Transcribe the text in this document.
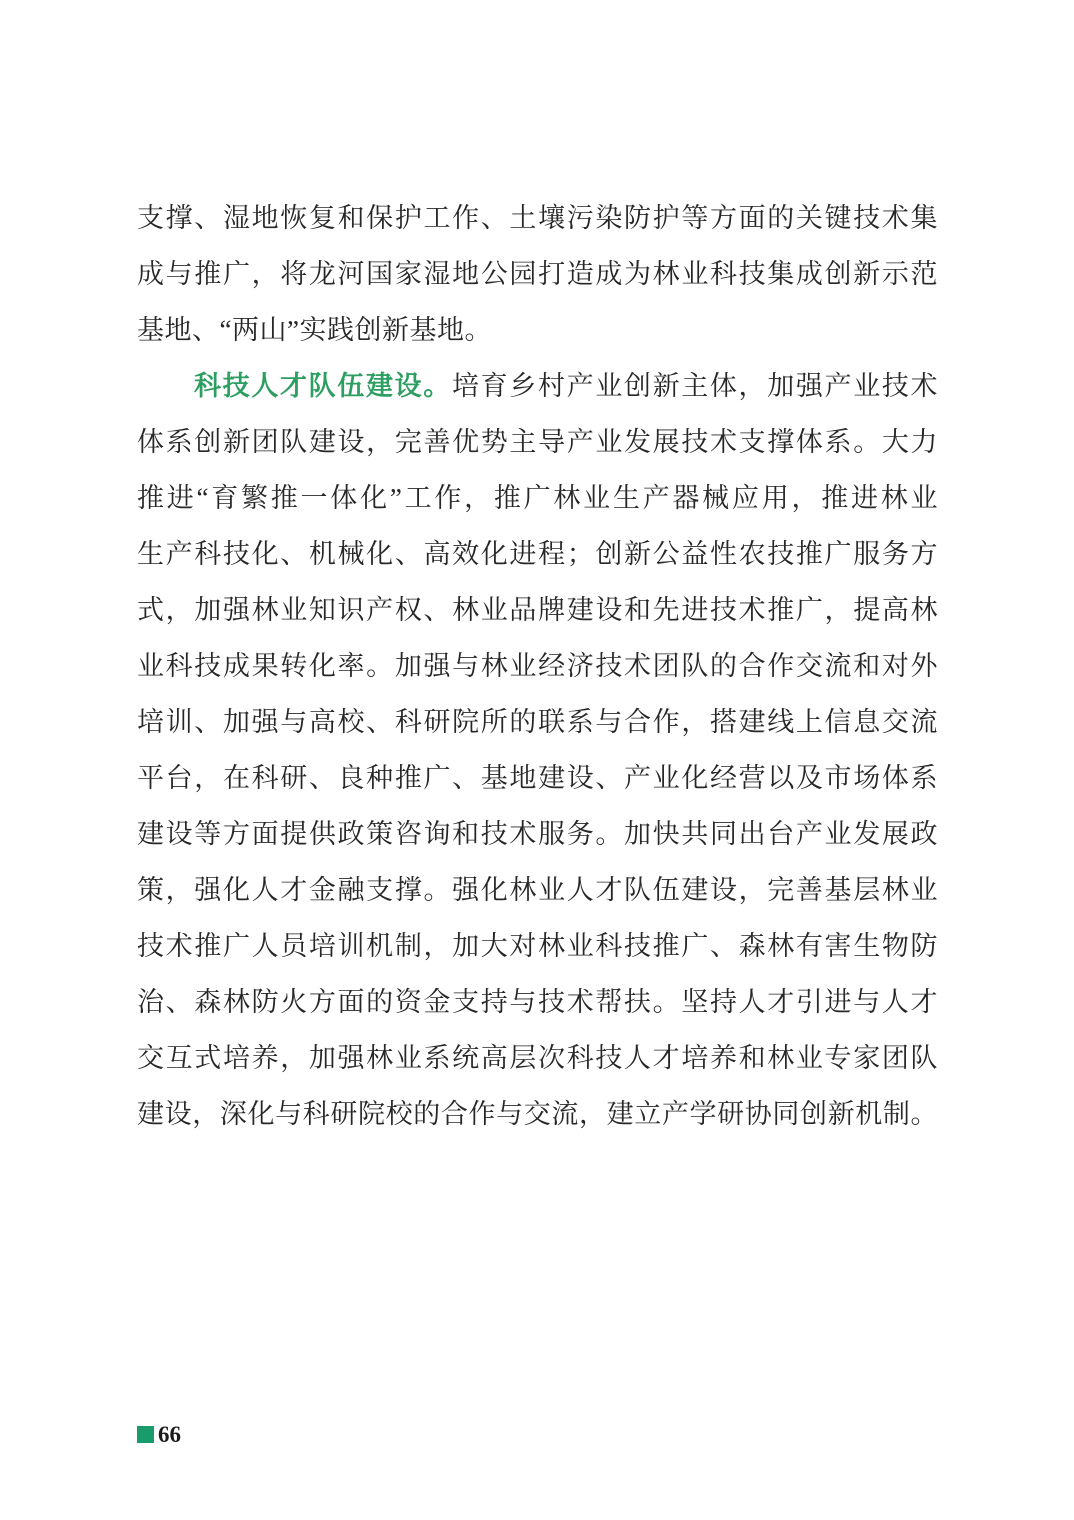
支撑、湿地恢复和保护工作、土壤污染防护等方面的关键技术集
成与推广，将龙河国家湿地公园打造成为林业科技集成创新示范
基地、“两山”实践创新基地。
科技人才队伍建设。培育乡村产业创新主体，加强产业技术
体系创新团队建设，完善优势主导产业发展技术支撑体系。大力
推进“育繁推一体化”工作，推广林业生产器械应用，推进林业
生产科技化、机械化、高效化进程；创新公益性农技推广服务方
式，加强林业知识产权、林业品牌建设和先进技术推广，提高林
业科技成果转化率。加强与林业经济技术团队的合作交流和对外
培训、加强与高校、科研院所的联系与合作，搭建线上信息交流
平台，在科研、良种推广、基地建设、产业化经营以及市场体系
建设等方面提供政策咨询和技术服务。加快共同出台产业发展政
策，强化人才金融支撑。强化林业人才队伍建设，完善基层林业
技术推广人员培训机制，加大对林业科技推广、森林有害生物防
治、森林防火方面的资金支持与技术帮扶。坚持人才引进与人才
交互式培养，加强林业系统高层次科技人才培养和林业专家团队
建设，深化与科研院校的合作与交流，建立产学研协同创新机制。
66
